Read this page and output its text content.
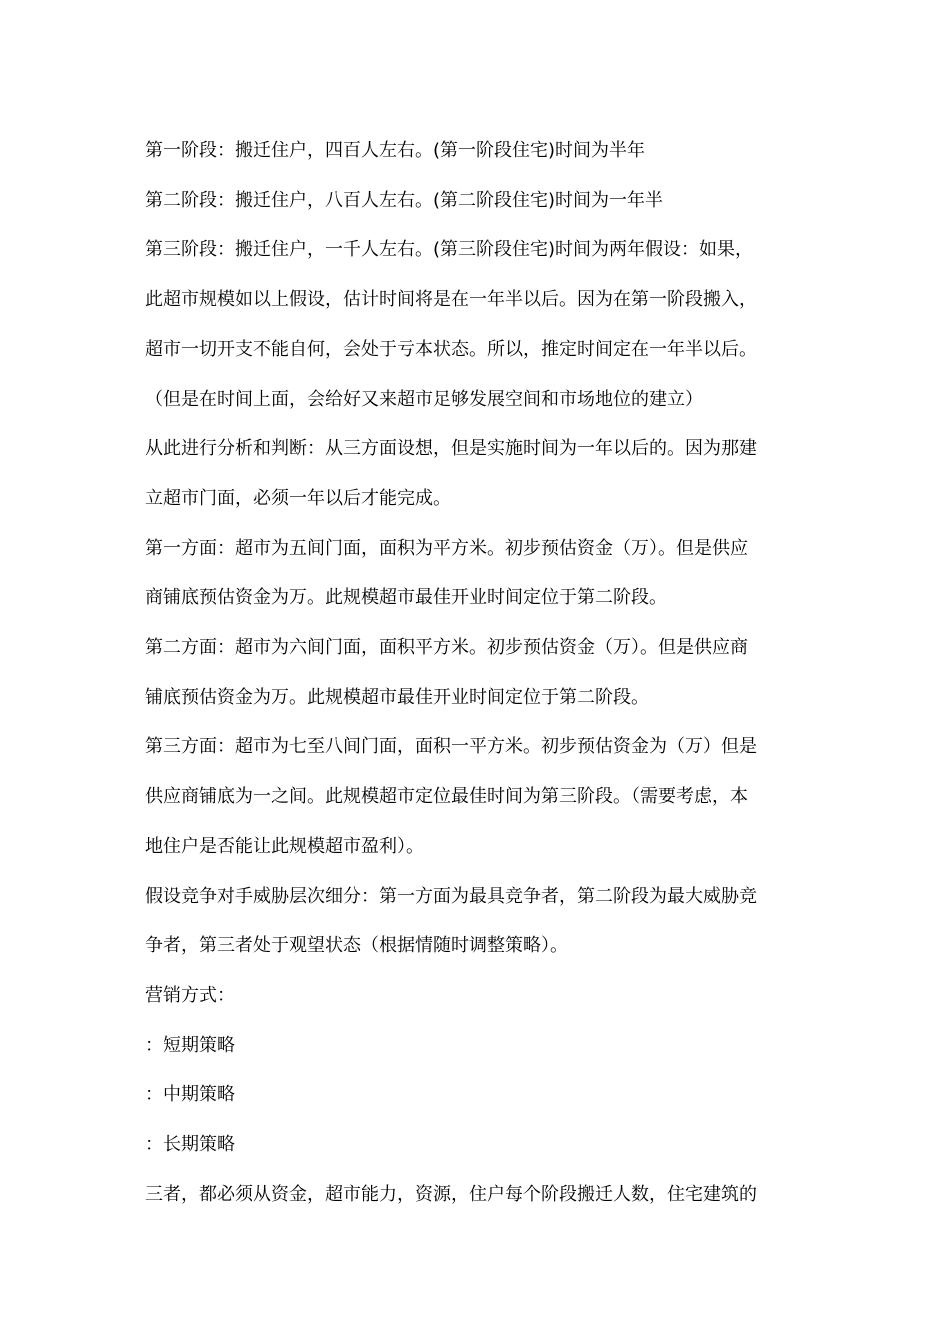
第一阶段：搬迁住户，四百人左右。(第一阶段住宅)时间为半年
第二阶段：搬迁住户，八百人左右。(第二阶段住宅)时间为一年半
第三阶段：搬迁住户，一千人左右。(第三阶段住宅)时间为两年假设：如果，
此超市规模如以上假设，估计时间将是在一年半以后。因为在第一阶段搬入，
超市一切开支不能自何，会处于亏本状态。所以，推定时间定在一年半以后。
（但是在时间上面，会给好又来超市足够发展空间和市场地位的建立）
从此进行分析和判断：从三方面设想，但是实施时间为一年以后的。因为那建
立超市门面，必须一年以后才能完成。
第一方面：超市为五间门面，面积为平方米。初步预估资金（万）。但是供应
商铺底预估资金为万。此规模超市最佳开业时间定位于第二阶段。
第二方面：超市为六间门面，面积平方米。初步预估资金（万）。但是供应商
铺底预估资金为万。此规模超市最佳开业时间定位于第二阶段。
第三方面：超市为七至八间门面，面积一平方米。初步预估资金为（万）但是
供应商铺底为一之间。此规模超市定位最佳时间为第三阶段。（需要考虑，本
地住户是否能让此规模超市盈利）。
假设竞争对手威胁层次细分：第一方面为最具竞争者，第二阶段为最大威胁竞
争者，第三者处于观望状态（根据情随时调整策略）。
营销方式：
：短期策略
：中期策略
：长期策略
三者，都必须从资金，超市能力，资源，住户每个阶段搬迁人数，住宅建筑的
